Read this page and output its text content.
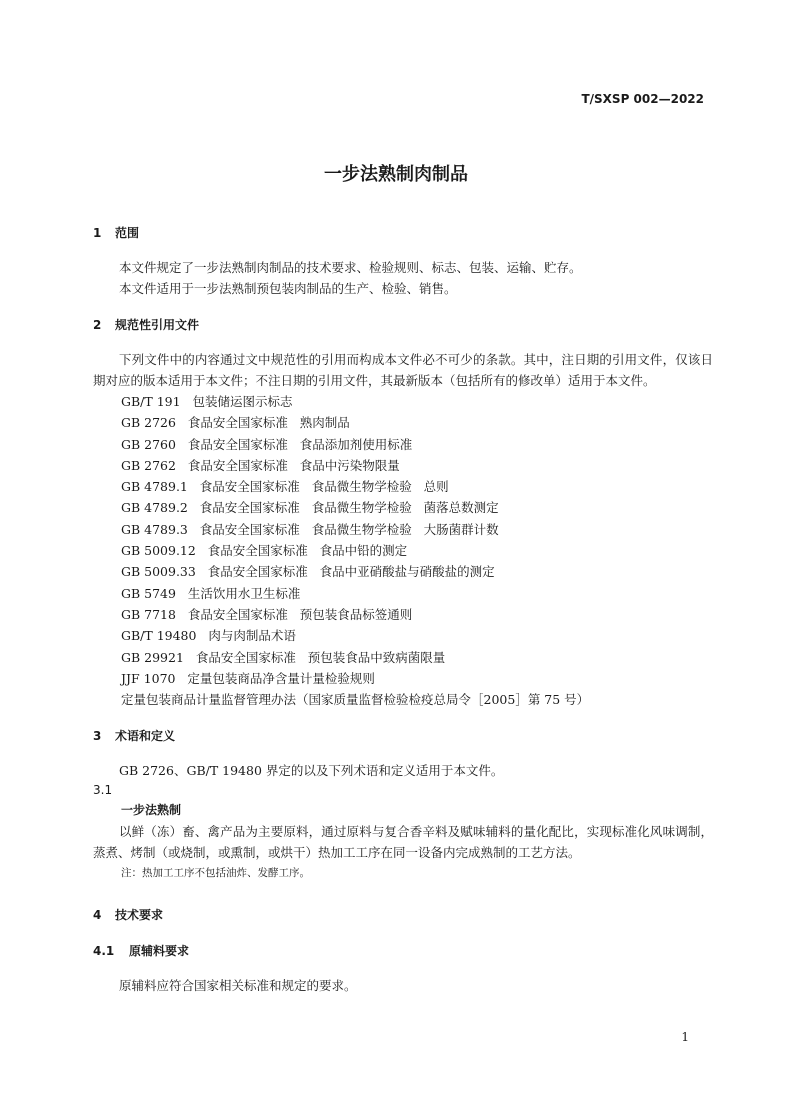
T/SXSP 002—2022
一步法熟制肉制品
1	范围
本文件规定了一步法熟制肉制品的技术要求、检验规则、标志、包装、运输、贮存。
本文件适用于一步法熟制预包装肉制品的生产、检验、销售。
2	规范性引用文件
下列文件中的内容通过文中规范性的引用而构成本文件必不可少的条款。其中，注日期的引用文件，仅该日期对应的版本适用于本文件；不注日期的引用文件，其最新版本（包括所有的修改单）适用于本文件。
GB/T 191   包装储运图示标志
GB 2726   食品安全国家标准   熟肉制品
GB 2760   食品安全国家标准   食品添加剂使用标准
GB 2762   食品安全国家标准   食品中污染物限量
GB 4789.1   食品安全国家标准   食品微生物学检验   总则
GB 4789.2   食品安全国家标准   食品微生物学检验   菌落总数测定
GB 4789.3   食品安全国家标准   食品微生物学检验   大肠菌群计数
GB 5009.12   食品安全国家标准   食品中铅的测定
GB 5009.33   食品安全国家标准   食品中亚硝酸盐与硝酸盐的测定
GB 5749   生活饮用水卫生标准
GB 7718   食品安全国家标准   预包装食品标签通则
GB/T 19480   肉与肉制品术语
GB 29921   食品安全国家标准   预包装食品中致病菌限量
JJF 1070   定量包装商品净含量计量检验规则
定量包装商品计量监督管理办法（国家质量监督检验检疫总局令［2005］第 75 号）
3	术语和定义
GB 2726、GB/T 19480 界定的以及下列术语和定义适用于本文件。
3.1
一步法熟制
以鲜（冻）畜、禽产品为主要原料，通过原料与复合香辛料及赋味辅料的量化配比，实现标准化风味调制，蒸煮、烤制（或烧制，或熏制，或烘干）热加工工序在同一设备内完成熟制的工艺方法。
注：热加工工序不包括油炸、发酵工序。
4	技术要求
4.1	原辅料要求
原辅料应符合国家相关标准和规定的要求。
1
